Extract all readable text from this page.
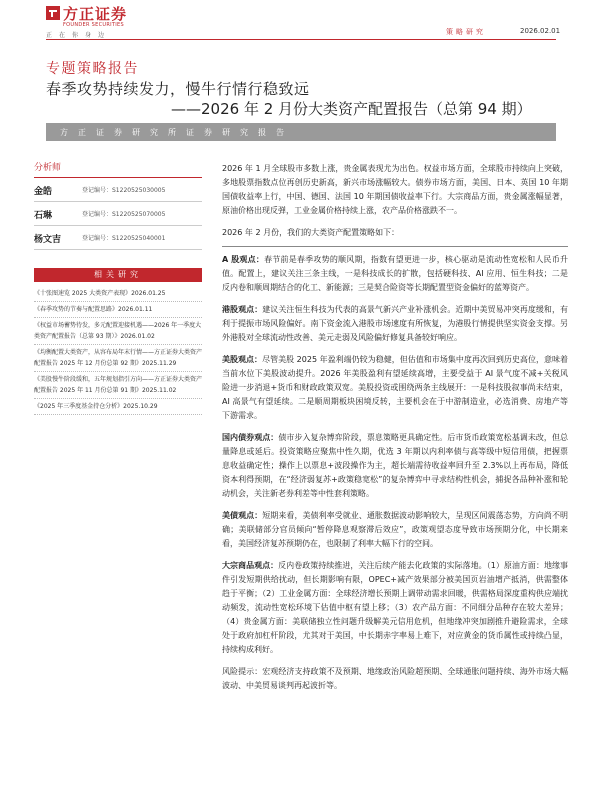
方正证券
FOUNDER SECURITIES
正在你身边	策略研究	2026.02.01
专题策略报告
春季攻势持续发力，慢牛行情行稳致远
——2026 年 2 月份大类资产配置报告（总第 94 期）
方正证券研究所证券研究报告
分析师
金皓	登记编号：S1220525030005
石琳	登记编号：S1220525070005
杨文吉	登记编号：S1220525040001
相关研究
《十张图速览 2025 大类资产表现》2026.01.25
《春季攻势的节奏与配置思路》2026.01.11
《权益市场蓄势待发，多元配置迎接机遇——2026 年一季度大类资产配置报告（总第 93 期）》2026.01.02
《均衡配置大类资产，从容布局年末行情——方正证券大类资产配置报告 2025 年 12 月份总第 92 期》2025.11.29
《美股慢牛阶段缓和，五年规划指引方向——方正证券大类资产配置报告 2025 年 11 月份总第 91 期》2025.11.02
《2025 年三季度基金持仓分析》2025.10.29

2026 年 1 月全球股市多数上涨，贵金属表现尤为出色。权益市场方面，全球股市持续向上突破，多地股票指数点位再创历史新高，新兴市场涨幅较大。债券市场方面，美国、日本、英国 10 年期国债收益率上行，中国、德国、法国 10 年期国债收益率下行。大宗商品方面，贵金属涨幅显著，原油价格出现反弹，工业金属价格持续上涨，农产品价格涨跌不一。

2026 年 2 月份，我们的大类资产配置策略如下：

A 股观点：春节前是春季攻势的顺风期，指数有望更进一步，核心驱动是流动性宽松和人民币升值。配置上，建议关注三条主线，一是科技成长的扩散，包括硬科技、AI 应用、恒生科技；二是反内卷和顺周期结合的化工、新能源；三是契合险资等长期配置型资金偏好的蓝筹资产。

港股观点：建议关注恒生科技为代表的高景气新兴产业补涨机会。近期中美贸易冲突再度缓和，有利于提振市场风险偏好。南下资金流入港股市场速度有所恢复，为港股行情提供坚实资金支撑。另外港股对全球流动性改善、美元走弱及风险偏好修复具备较好响应。

美股观点：尽管美股 2025 年盈利端仍较为稳健，但估值和市场集中度再次回到历史高位，意味着当前水位下美股波动提升。2026 年美股盈利有望延续高增，主要受益于 AI 景气度不减+关税风险进一步消退+货币和财政政策双宽。美股投资或围绕两条主线展开：一是科技股叙事尚未结束，AI 高景气有望延续。二是顺周期板块困境反转，主要机会在于中游制造业，必选消费、房地产等下游需求。

国内债券观点：债市步入复杂博弈阶段，票息策略更具确定性。后市货币政策宽松基调未改，但总量降息或延后。投资策略应聚焦中性久期，优选 3 年期以内利率债与高等级中短信用债，把握票息收益确定性；操作上以票息+波段操作为主，超长端需待收益率回升至 2.3%以上再布局，降低资本利得预期，在“经济弱复苏+政策稳宽松”的复杂博弈中寻求结构性机会，捕捉各品种补涨和轮动机会，关注新老券利差等中性套利策略。

美债观点：短期来看，美债利率受就业、通胀数据波动影响较大，呈现区间震荡态势，方向尚不明确；美联储部分官员倾向“暂停降息观察滞后效应”，政策观望态度导致市场预期分化，中长期来看，美国经济复苏预期仍在，也限制了利率大幅下行的空间。

大宗商品观点：反内卷政策持续推进，关注后续产能去化政策的实际落地。（1）原油方面：地缘事件引发短期供给扰动，但长期影响有限，OPEC+减产效果部分被美国页岩油增产抵消，供需整体趋于平衡；（2）工业金属方面：全球经济增长预期上调带动需求回暖，供需格局深度重构供应端扰动频发，流动性宽松环境下估值中枢有望上移；（3）农产品方面：不同细分品种存在较大差异；（4）贵金属方面：美联储独立性问题升级解美元信用危机，但地缘冲突加剧推升避险需求，全球处于政府加杠杆阶段，尤其对于美国，中长期赤字率易上难下，对应黄金的货币属性或持续凸显，持续构成利好。

风险提示：宏观经济支持政策不及预期、地缘政治风险超预期、全球通胀问题持续、海外市场大幅波动、中美贸易谈判再起波折等。
